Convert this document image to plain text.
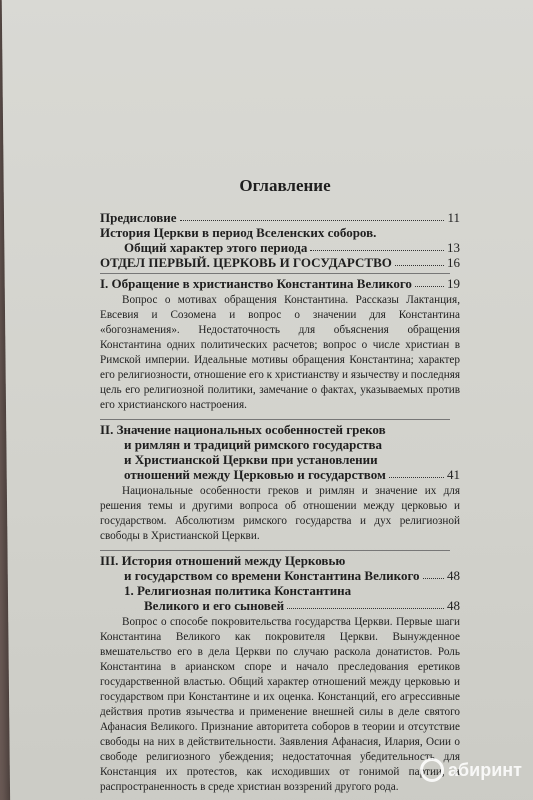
Оглавление
Предисловие	11
История Церкви в период Вселенских соборов.
Общий характер этого периода	13
ОТДЕЛ ПЕРВЫЙ. ЦЕРКОВЬ И ГОСУДАРСТВО	16
I. Обращение в христианство Константина Великого	19

Вопрос о мотивах обращения Константина. Рассказы Лактанция, Евсевия и Созомена и вопрос о значении для Константина «богознамения». Недостаточность для объяснения обращения Константина одних политических расчетов; вопрос о числе христиан в Римской империи. Идеальные мотивы обращения Константина; характер его религиозности, отношение его к христианству и язычеству и последняя цель его религиозной политики, замечание о фактах, указываемых против его христианского настроения.

II. Значение национальных особенностей греков
и римлян и традиций римского государства
и Христианской Церкви при установлении
отношений между Церковью и государством	41

Национальные особенности греков и римлян и значение их для решения темы и другими вопроса об отношении между церковью и государством. Абсолютизм римского государства и дух религиозной свободы в Христианской Церкви.

III. История отношений между Церковью
и государством со времени Константина Великого 48
1. Религиозная политика Константина
Великого и его сыновей	48

Вопрос о способе покровительства государства Церкви. Первые шаги Константина Великого как покровителя Церкви. Вынужденное вмешательство его в дела Церкви по случаю раскола донатистов. Роль Константина в арианском споре и начало преследования еретиков государственной властью. Общий характер отношений между церковью и государством при Константине и их оценка. Констанций, его агрессивные действия против язычества и применение внешней силы в деле святого Афанасия Великого. Признание авторитета соборов в теории и отсутствие свободы на них в действительности. Заявления Афанасия, Илария, Осии о свободе религиозного убеждения; недостаточная убедительность для Констанция их протестов, как исходивших от гонимой партии, и распространенность в среде христиан воззрений другого рода.

абиринт
